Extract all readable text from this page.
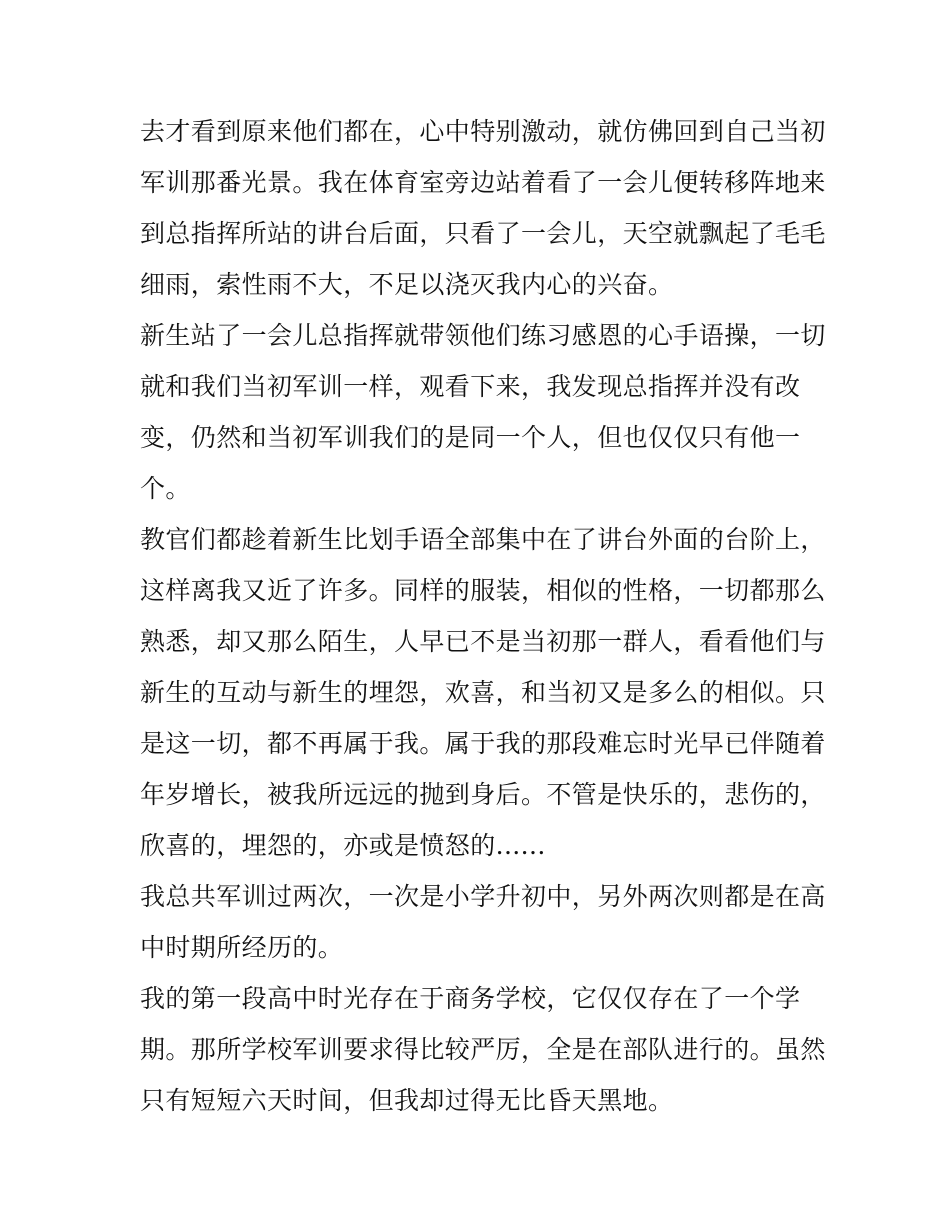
去才看到原来他们都在，心中特别激动，就仿佛回到自己当初
军训那番光景。我在体育室旁边站着看了一会儿便转移阵地来
到总指挥所站的讲台后面，只看了一会儿，天空就飘起了毛毛
细雨，索性雨不大，不足以浇灭我内心的兴奋。
新生站了一会儿总指挥就带领他们练习感恩的心手语操，一切
就和我们当初军训一样，观看下来，我发现总指挥并没有改
变，仍然和当初军训我们的是同一个人，但也仅仅只有他一
个。
教官们都趁着新生比划手语全部集中在了讲台外面的台阶上，
这样离我又近了许多。同样的服装，相似的性格，一切都那么
熟悉，却又那么陌生，人早已不是当初那一群人，看看他们与
新生的互动与新生的埋怨，欢喜，和当初又是多么的相似。只
是这一切，都不再属于我。属于我的那段难忘时光早已伴随着
年岁增长，被我所远远的抛到身后。不管是快乐的，悲伤的，
欣喜的，埋怨的，亦或是愤怒的......
我总共军训过两次，一次是小学升初中，另外两次则都是在高
中时期所经历的。
我的第一段高中时光存在于商务学校，它仅仅存在了一个学
期。那所学校军训要求得比较严厉，全是在部队进行的。虽然
只有短短六天时间，但我却过得无比昏天黑地。
